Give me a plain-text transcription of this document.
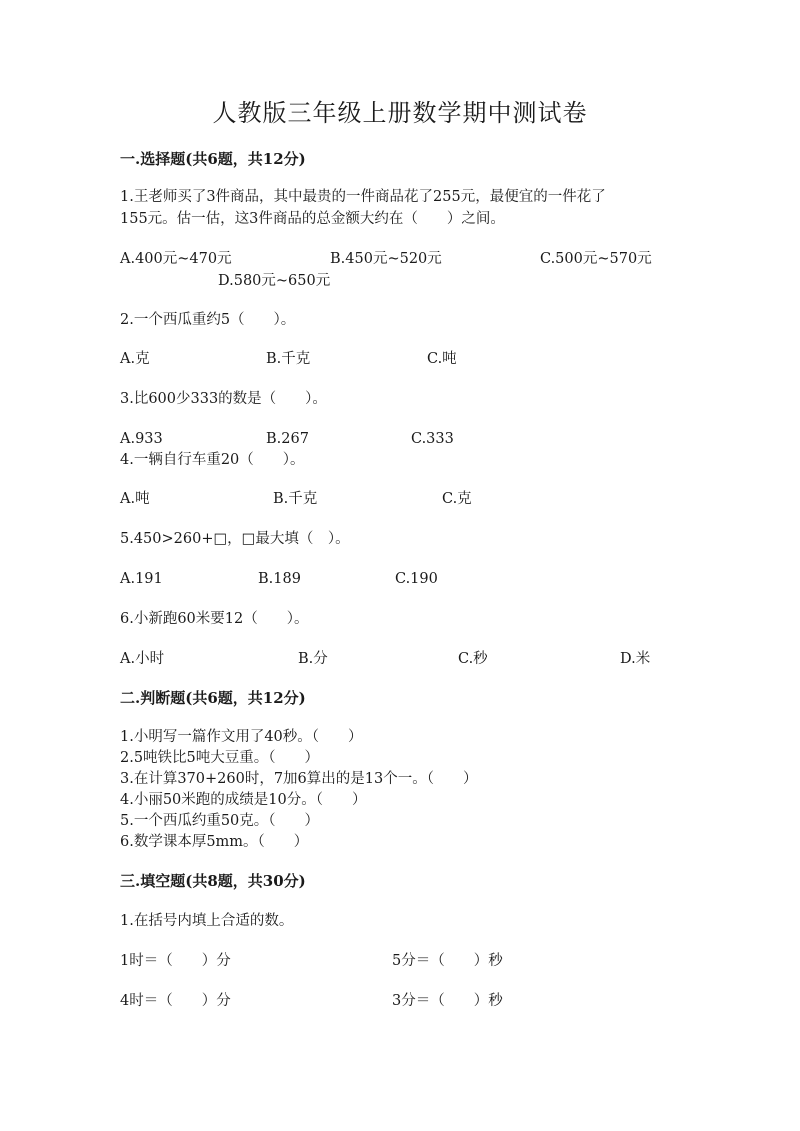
人教版三年级上册数学期中测试卷
一.选择题(共6题，共12分)
1.王老师买了3件商品，其中最贵的一件商品花了255元，最便宜的一件花了
155元。估一估，这3件商品的总金额大约在（　　）之间。
A.400元~470元	B.450元~520元	C.500元~570元
D.580元~650元
2.一个西瓜重约5（　　）。
A.克	B.千克	C.吨
3.比600少333的数是（　　）。
A.933	B.267	C.333
4.一辆自行车重20（　　）。
A.吨	B.千克	C.克
5.450>260+□，□最大填（　）。
A.191	B.189	C.190
6.小新跑60米要12（　　）。
A.小时	B.分	C.秒	D.米
二.判断题(共6题，共12分)
1.小明写一篇作文用了40秒。（　　）
2.5吨铁比5吨大豆重。（　　）
3.在计算370+260时，7加6算出的是13个一。（　　）
4.小丽50米跑的成绩是10分。（　　）
5.一个西瓜约重50克。（　　）
6.数学课本厚5mm。（　　）
三.填空题(共8题，共30分)
1.在括号内填上合适的数。
1时＝（　　）分	5分＝（　　）秒
4时＝（　　）分	3分＝（　　）秒
